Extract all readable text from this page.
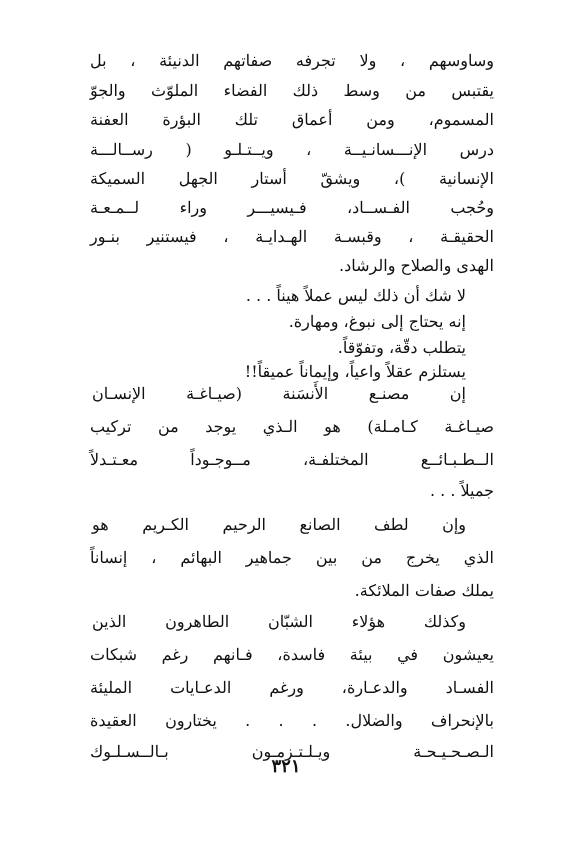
وساوسهم ، ولا تجرفه صفاتهم الدنيئة ، بل
يقتبس من وسط ذلك الفضاء الملوّث والجوّ
المسموم، ومن أعماق تلك البؤرة العفنة
درس الإنـــسانـيــة ، ويــتـلـو ( رســالـــة
الإنسانية )، ويشقّ أستار الجهل السميكة
وحُجب الفـســاد، فـيسيـــر وراء لــمـعـة
الحقيقـة ، وقبسـة الهـدايـة ، فيستنير بنـور
الهدى والصلاح والرشاد.
لا شك أن ذلك ليس عملاً هيناً . . .
إنه يحتاج إلى نبوغ، ومهارة.
يتطلب دقّة، وتفوّقاً.
يستلزم عقلاً واعياً، وإيماناً عميقاً!!
إن مصنـع الأَنسَنة (صيـاغـة الإنسـان
صيـاغـة كـامـلة) هو الـذي يوجد من تركيب
الــطـبـائــع المختلفـة، مــوجـوداً معـتـدلاً
جميلاً . . .
وإن لطف الصانع الرحيم الكـريم هو
الذي يخرج من بين جماهير البهائم ، إنساناً
يملك صفات الملائكة.
٣٢١
وكذلك هؤلاء الشبّان الطاهرون الذين
يعيشون في بيئة فاسدة، فـانهم رغم شبكات
الفسـاد والدعـارة، ورغم الدعـايات المليئة
بالإنحراف والضلال. . . . يختارون العقيدة
الـصـحـيـحـة ويـلـتـزمـون بـالــسـلـوك
